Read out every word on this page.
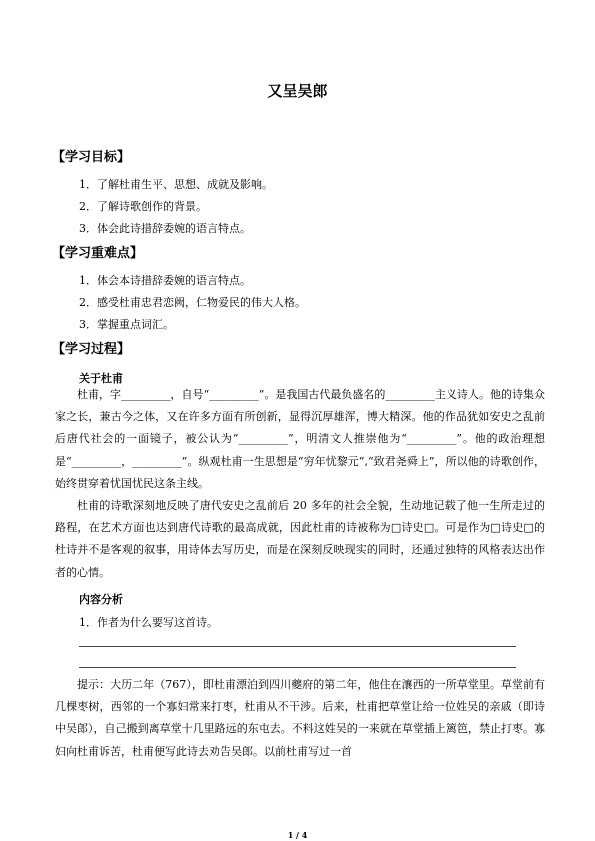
又呈吴郎
【学习目标】
1．了解杜甫生平、思想、成就及影响。
2．了解诗歌创作的背景。
3．体会此诗措辞委婉的语言特点。
【学习重难点】
1．体会本诗措辞委婉的语言特点。
2．感受杜甫忠君恋阙，仁物爱民的伟大人格。
3．掌握重点词汇。
【学习过程】
关于杜甫

杜甫，字_________，自号“_________”。是我国古代最负盛名的_________主义诗人。他的诗集众家之长，兼古今之体，又在许多方面有所创新，显得沉厚雄浑，博大精深。他的作品犹如安史之乱前后唐代社会的一面镜子，被公认为“_________”，明清文人推崇他为“_________”。他的政治理想是“_________，_________”。纵观杜甫一生思想是“穷年忧黎元”,“致君尧舜上”，所以他的诗歌创作，始终贯穿着忧国忧民这条主线。

杜甫的诗歌深刻地反映了唐代安史之乱前后 20 多年的社会全貌，生动地记载了他一生所走过的路程，在艺术方面也达到唐代诗歌的最高成就，因此杜甫的诗被称为□诗史□。可是作为□诗史□的杜诗并不是客观的叙事，用诗体去写历史，而是在深刻反映现实的同时，还通过独特的风格表达出作者的心情。

内容分析
1．作者为什么要写这首诗。

提示：大历二年（767），即杜甫漂泊到四川夔府的第二年，他住在瀼西的一所草堂里。草堂前有几棵枣树，西邻的一个寡妇常来打枣，杜甫从不干涉。后来，杜甫把草堂让给一位姓吴的亲戚（即诗中吴郎），自己搬到离草堂十几里路远的东屯去。不料这姓吴的一来就在草堂插上篱笆，禁止打枣。寡妇向杜甫诉苦，杜甫便写此诗去劝告吴郎。以前杜甫写过一首

1 / 4
